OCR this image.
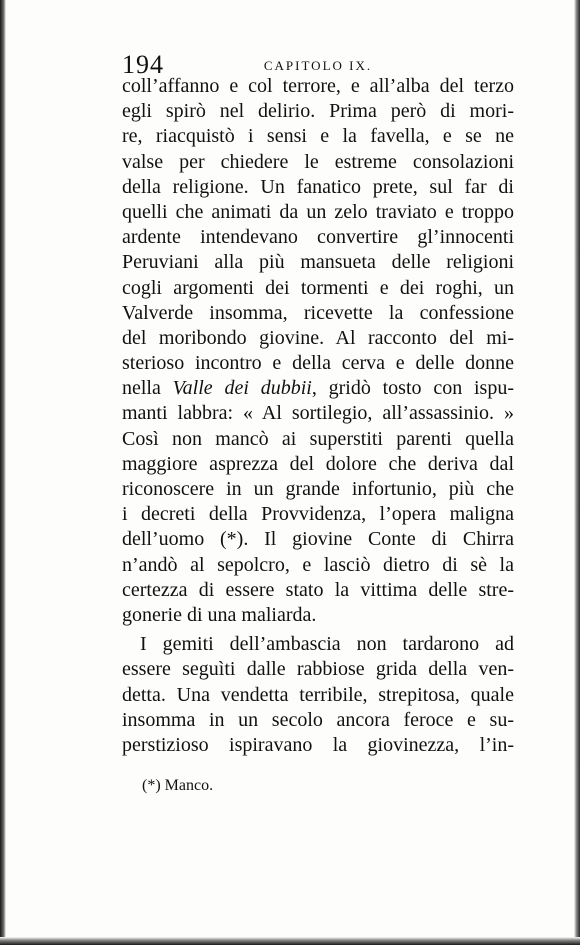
194	CAPITOLO IX.
coll’affanno e col terrore, e all’alba del terzo
egli spirò nel delirio. Prima però di mori-
re, riacquistò i sensi e la favella, e se ne
valse per chiedere le estreme consolazioni
della religione. Un fanatico prete, sul far di
quelli che animati da un zelo traviato e troppo
ardente intendevano convertire gl’innocenti
Peruviani alla più mansueta delle religioni
cogli argomenti dei tormenti e dei roghi, un
Valverde insomma, ricevette la confessione
del moribondo giovine. Al racconto del mi-
sterioso incontro e della cerva e delle donne
nella Valle dei dubbii, gridò tosto con ispu-
manti labbra: « Al sortilegio, all’assassinio. »
Così non mancò ai superstiti parenti quella
maggiore asprezza del dolore che deriva dal
riconoscere in un grande infortunio, più che
i decreti della Provvidenza, l’opera maligna
dell’uomo (*). Il giovine Conte di Chirra
n’andò al sepolcro, e lasciò dietro di sè la
certezza di essere stato la vittima delle stre-
gonerie di una maliarda.
I gemiti dell’ambascia non tardarono ad
essere seguìti dalle rabbiose grida della ven-
detta. Una vendetta terribile, strepitosa, quale
insomma in un secolo ancora feroce e su-
perstizioso ispiravano la giovinezza, l’in-
(*) Manco.
